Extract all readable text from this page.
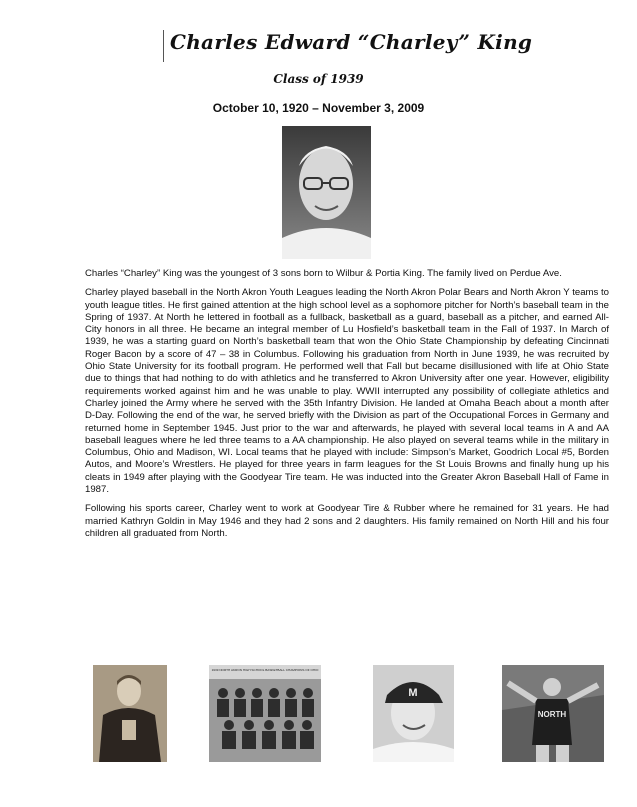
Charles Edward “Charley” King
Class of 1939
October 10, 1920 – November 3, 2009

Charles “Charley” King was the youngest of 3 sons born to Wilbur & Portia King. The family lived on Perdue Ave.

Charley played baseball in the North Akron Youth Leagues leading the North Akron Polar Bears and North Akron Y teams to youth league titles. He first gained attention at the high school level as a sophomore pitcher for North’s baseball team in the Spring of 1937. At North he lettered in football as a fullback, basketball as a guard, baseball as a pitcher, and earned All-City honors in all three. He became an integral member of Lu Hosfield’s basketball team in the Fall of 1937. In March of 1939, he was a starting guard on North’s basketball team that won the Ohio State Championship by defeating Cincinnati Roger Bacon by a score of 47 – 38 in Columbus. Following his graduation from North in June 1939, he was recruited by Ohio State University for its football program. He performed well that Fall but became disillusioned with life at Ohio State due to things that had nothing to do with athletics and he transferred to Akron University after one year. However, eligibility requirements worked against him and he was unable to play. WWII interrupted any possibility of collegiate athletics and Charley joined the Army where he served with the 35th Infantry Division. He landed at Omaha Beach about a month after D-Day. Following the end of the war, he served briefly with the Division as part of the Occupational Forces in Germany and returned home in September 1945. Just prior to the war and afterwards, he played with several local teams in A and AA baseball leagues where he led three teams to a AA championship. He also played on several teams while in the military in Columbus, Ohio and Madison, WI. Local teams that he played with include: Simpson’s Market, Goodrich Local #5, Borden Autos, and Moore’s Wrestlers. He played for three years in farm leagues for the St Louis Browns and finally hung up his cleats in 1949 after playing with the Goodyear Tire team. He was inducted into the Greater Akron Baseball Hall of Fame in 1987.

Following his sports career, Charley went to work at Goodyear Tire & Rubber where he remained for 31 years. He had married Kathryn Goldin in May 1946 and they had 2 sons and 2 daughters. His family remained on North Hill and his four children all graduated from North.

1939 NORTH AKRON HIGH SCHOOL BASKETBALL CHAMPIONS OF OHIO
M
NORTH
